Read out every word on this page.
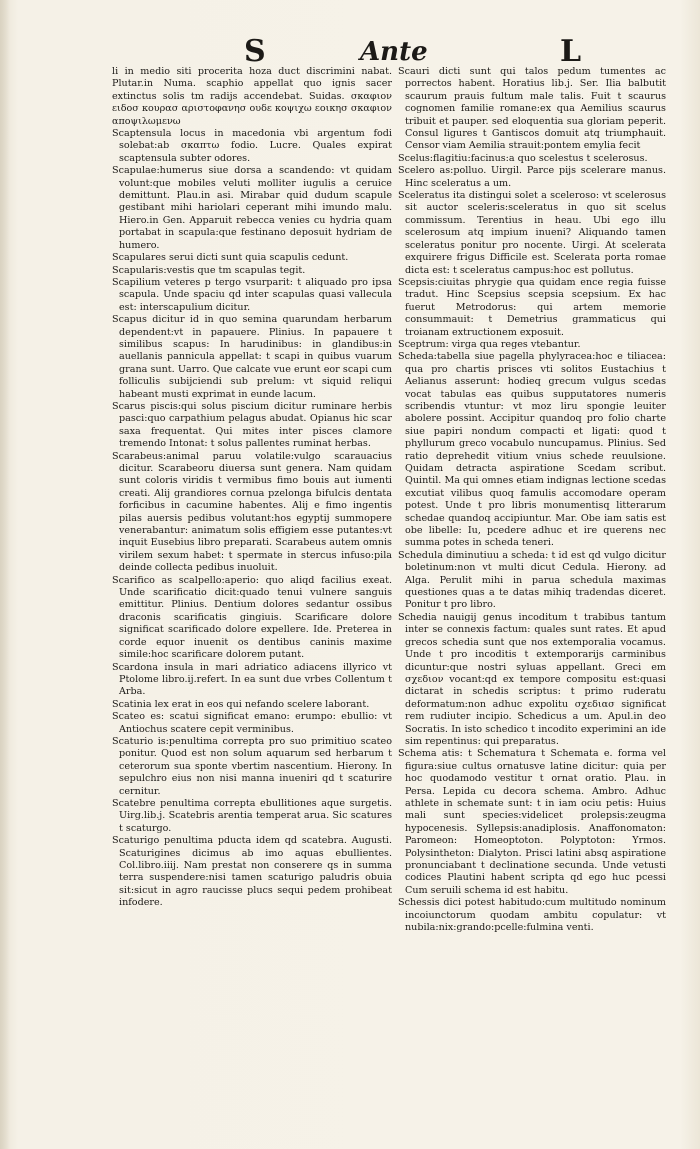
S	Ante	L

li in medio siti procerita hoza duct discrimini nabat. Plutar.in Numa. scaphio appellat quo ignis sacer extinctus solis tm radijs accendebat. Suidas. σκαφιον ειδοσ κουρασ αριστοφανησ ουδε κοψιχω εοικησ σκαφιον αποψιλωμενω

Scaptensula locus in macedonia vbi argentum fodi solebat:ab σκαπτω fodio. Lucre. Quales expirat scaptensula subter odores.

Scapulae:humerus siue dorsa a scandendo: vt quidam volunt:que mobiles veluti molliter iugulis a ceruice demittunt. Plau.in asi. Mirabar quid dudum scapule gestibant mihi hariolari ceperant mihi imundo malu. Hiero.in Gen. Apparuit rebecca venies cu hydria quam portabat in scapula:que festinano deposuit hydriam de humero.

Scapulares serui dicti sunt quia scapulis cedunt.

Scapularis:vestis que tm scapulas tegit.

Scapilium veteres p tergo vsurparit: t aliquado pro ipsa scapula. Unde spaciu qd inter scapulas quasi vallecula est: interscapulium dicitur.

Scapus dicitur id in quo semina quarundam herbarum dependent:vt in papauere. Plinius. In papauere t similibus scapus: In harudinibus: in glandibus:in auellanis pannicula appellat: t scapi in quibus vuarum grana sunt. Uarro. Que calcate vue erunt eor scapi cum folliculis subijciendi sub prelum: vt siquid reliqui habeant musti exprimat in eunde lacum.

Scarus piscis:qui solus piscium dicitur ruminare herbis pasci:quo carpathium pelagus abudat. Opianus hic scar saxa frequentat. Qui mites inter pisces clamore tremendo Intonat: t solus pallentes ruminat herbas.

Scarabeus:animal paruu volatile:vulgo scarauacius dicitur. Scarabeoru diuersa sunt genera. Nam quidam sunt coloris viridis t vermibus fimo bouis aut iumenti creati. Alij grandiores cornua pzelonga bifulcis dentata forficibus in cacumine habentes. Alij e fimo ingentis pilas auersis pedibus volutant:hos egyptij summopere venerabantur: animatum solis effigiem esse putantes:vt inquit Eusebius libro preparati. Scarabeus autem omnis virilem sexum habet: t spermate in stercus infuso:pila deinde collecta pedibus inuoluit.

Scarifico as scalpello:aperio: quo aliqd facilius exeat. Unde scarificatio dicit:quado tenui vulnere sanguis emittitur. Plinius. Dentium dolores sedantur ossibus draconis scarificatis gingiuis. Scarificare dolore significat scarificado dolore expellere. Ide. Preterea in corde equor inuenit os dentibus caninis maxime simile:hoc scarificare dolorem putant.

Scardona insula in mari adriatico adiacens illyrico vt Ptolome libro.ij.refert. In ea sunt due vrbes Collentum t Arba.

Scatinia lex erat in eos qui nefando scelere laborant.

Scateo es: scatui significat emano: erumpo: ebullio: vt Antiochus scatere cepit verminibus.

Scaturio is:penultima correpta pro suo primitiuo scateo ponitur. Quod est non solum aquarum sed herbarum t ceterorum sua sponte vbertim nascentium. Hierony. In sepulchro eius non nisi manna inueniri qd t scaturire cernitur.

Scatebre penultima correpta ebullitiones aque surgetis. Uirg.lib.j. Scatebris arentia temperat arua. Sic scatures t scaturgo.

Scaturigo penultima pducta idem qd scatebra. Augusti. Scaturigines dicimus ab imo aquas ebullientes. Col.libro.iiij. Nam prestat non conserere qs in summa terra suspendere:nisi tamen scaturigo paludris obuia sit:sicut in agro raucisse plucs sequi pedem prohibeat infodere.

Scauri dicti sunt qui talos pedum tumentes ac porrectos habent. Horatius lib.j. Ser. Ilia balbutit scaurum prauis fultum male talis. Fuit t scaurus cognomen familie romane:ex qua Aemilius scaurus tribuit et pauper. sed eloquentia sua gloriam peperit. Consul ligures t Gantiscos domuit atq triumphauit. Censor viam Aemilia strauit:pontem emylia fecit

Scelus:flagitiu:facinus:a quo scelestus t scelerosus.

Scelero as:polluo. Uirgil. Parce pijs scelerare manus. Hinc sceleratus a um.

Sceleratus ita distingui solet a sceleroso: vt scelerosus sit auctor sceleris:sceleratus in quo sit scelus commissum. Terentius in heau. Ubi ego illu scelerosum atq impium inueni? Aliquando tamen sceleratus ponitur pro nocente. Uirgi. At scelerata exquirere frigus Difficile est. Scelerata porta romae dicta est: t sceleratus campus:hoc est pollutus.

Scepsis:ciuitas phrygie qua quidam ence regia fuisse tradut. Hinc Scepsius scepsia scepsium. Ex hac fuerut Metrodorus: qui artem memorie consummauit: t Demetrius grammaticus qui troianam extructionem exposuit.

Sceptrum: virga qua reges vtebantur.

Scheda:tabella siue pagella phylyracea:hoc e tiliacea: qua pro chartis prisces vti solitos Eustachius t Aelianus asserunt: hodieq grecum vulgus scedas vocat tabulas eas quibus supputatores numeris scribendis vtuntur: vt moz liru spongie leuiter abolere possint. Accipitur quandoq pro folio charte siue papiri nondum compacti et ligati: quod t phyllurum greco vocabulo nuncupamus. Plinius. Sed ratio deprehedit vitium vnius schede reuulsione. Quidam detracta aspiratione Scedam scribut. Quintil. Ma qui omnes etiam indignas lectione scedas excutiat vilibus quoq famulis accomodare operam potest. Unde t pro libris monumentisq litterarum schedae quandoq accipiuntur. Mar. Obe iam satis est obe libelle: Iu, pcedere adhuc et ire querens nec summa potes in scheda teneri.

Schedula diminutiuu a scheda: t id est qd vulgo dicitur boletinum:non vt multi dicut Cedula. Hierony. ad Alga. Perulit mihi in parua schedula maximas questiones quas a te datas mihiq tradendas diceret. Ponitur t pro libro.

Schedia nauigij genus incoditum t trabibus tantum inter se connexis factum: quales sunt rates. Et apud grecos schedia sunt que nos extemporalia vocamus. Unde t pro incoditis t extemporarijs carminibus dicuntur:que nostri syluas appellant. Greci em σχεδιον vocant:qd ex tempore compositu est:quasi dictarat in schedis scriptus: t primo ruderatu deformatum:non adhuc expolitu σχεδιασ significat rem rudiuter incipio. Schedicus a um. Apul.in deo Socratis. In isto schedico t incodito experimini an ide sim repentinus: qui preparatus.

Schema atis: t Schematura t Schemata e. forma vel figura:siue cultus ornatusve latine dicitur: quia per hoc quodamodo vestitur t ornat oratio. Plau. in Persa. Lepida cu decora schema. Ambro. Adhuc athlete in schemate sunt: t in iam ociu petis: Huius mali sunt species:videlicet prolepsis:zeugma hypocenesis. Syllepsis:anadiplosis. Anaffonomaton: Paromeon: Homeoptoton. Polyptoton: Yrmos. Polysintheton: Dialyton. Prisci latini absq aspiratione pronunciabant t declinatione secunda. Unde vetusti codices Plautini habent scripta qd ego huc pcessi Cum seruili schema id est habitu.

Schessis dici potest habitudo:cum multitudo nominum incoiunctorum quodam ambitu copulatur: vt nubila:nix:grando:pcelle:fulmina venti.
